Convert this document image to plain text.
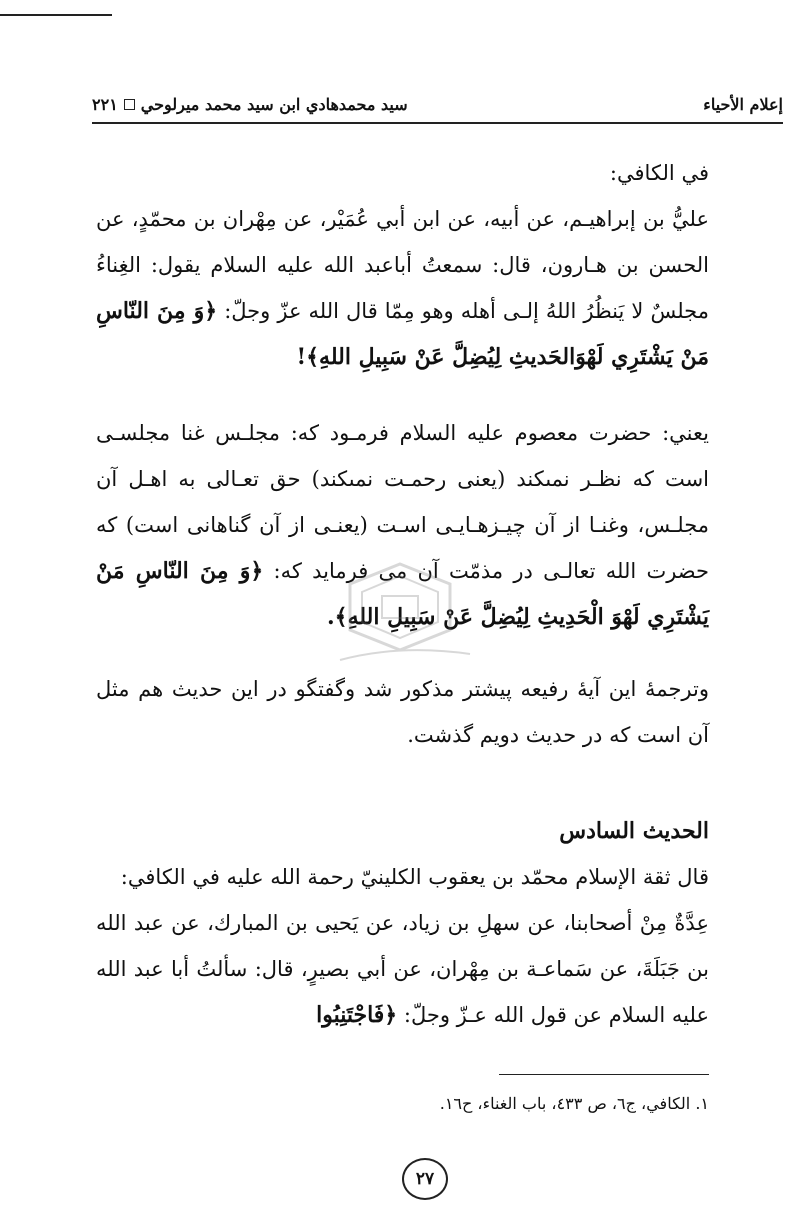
إعلام الأحياء
سيد محمدهادي ابن سيد محمد ميرلوحي
٢٢١

في الكافي:

عليُّ بن إبراهيـم، عن أبيه، عن ابن أبي عُمَيْر، عن مِهْران بن محمّدٍ، عن الحسن بن هـارون، قال: سمعتُ أباعبد الله عليه السلام يقول: الغِناءُ مجلسٌ لا يَنظُرُ اللهُ إلـى أهله وهو مِمّا قال الله عزّ وجلّ: ﴿وَ مِنَ النّاسِ مَنْ يَشْتَرِي لَهْوَالحَديثِ لِيُضِلَّ عَنْ سَبِيلِ اللهِ﴾!

يعني: حضرت معصوم عليه السلام فرمـود كه: مجلـس غنا مجلسـى است كه نظـر نمىكند (يعنى رحمـت نمىكند) حق تعـالى به اهـل آن مجلـس، وغنـا از آن چيـزهـايـى اسـت (يعنـى از آن گناهانى است) كه حضرت الله تعالـى در مذمّت آن مى فرمايد كه: ﴿وَ مِنَ النّاسِ مَنْ يَشْتَرِي لَهْوَ الْحَدِيثِ لِيُضِلَّ عَنْ سَبِيلِ اللهِ﴾.

وترجمهٔ اين آيهٔ رفيعه پيشتر مذكور شد وگفتگو در اين حديث هم مثل آن است كه در حديث دويم گذشت.

الحديث السادس

قال ثقة الإسلام محمّد بن يعقوب الكلينيّ رحمة الله عليه في الكافي:

عِدَّةٌ مِنْ أصحابنا، عن سهلِ بن زياد، عن يَحيى بن المبارك، عن عبد الله بن جَبَلَةَ، عن سَماعـة بن مِهْران، عن أبي بصيرٍ، قال: سألتُ أبا عبد الله عليه السلام عن قول الله عـزّ وجلّ: ﴿فَاجْتَنِبُوا

١. الكافي، ج٦، ص ٤٣٣، باب الغناء، ح١٦.
٢٧
